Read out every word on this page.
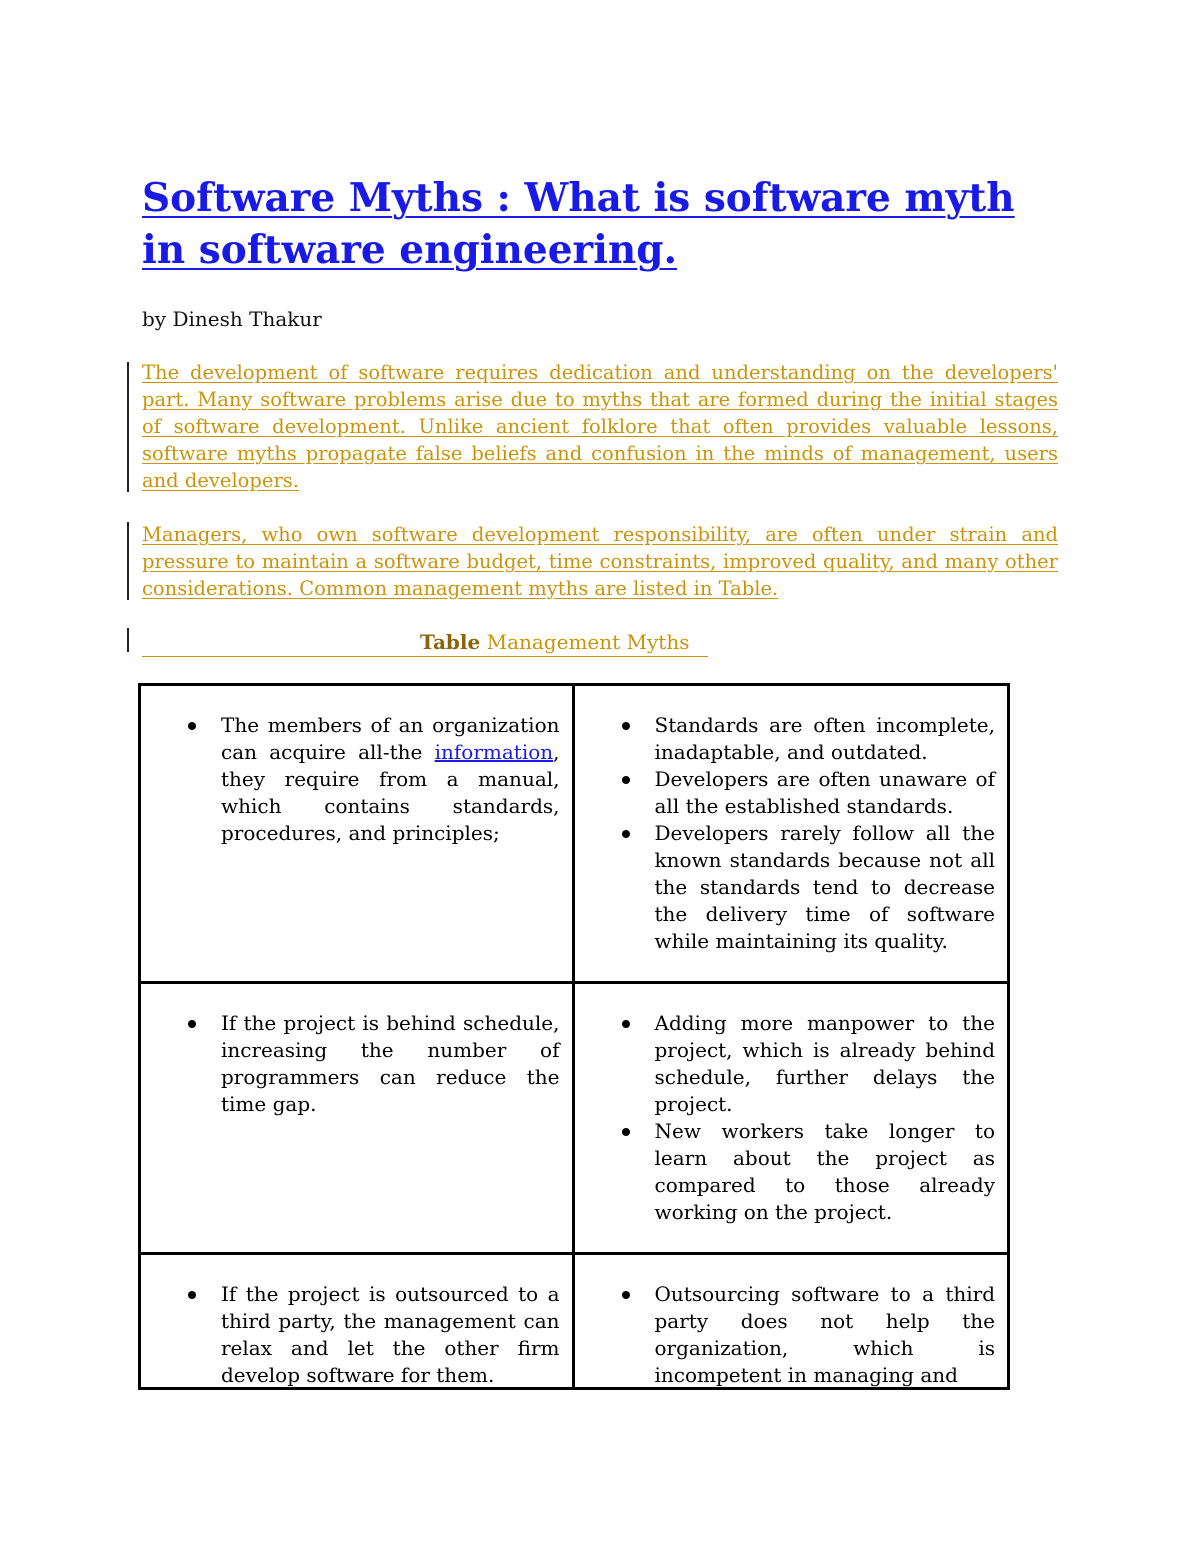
Software Myths : What is software myth in software engineering.
by Dinesh Thakur

The development of software requires dedication and understanding on the developers' part. Many software problems arise due to myths that are formed during the initial stages of software development. Unlike ancient folklore that often provides valuable lessons, software myths propagate false beliefs and confusion in the minds of management, users and developers.

Managers, who own software development responsibility, are often under strain and pressure to maintain a software budget, time constraints, improved quality, and many other considerations. Common management myths are listed in Table.

Table Management Myths
The members of an organization can acquire all-the information, they require from a manual, which contains standards, procedures, and principles;
Standards are often incomplete, inadaptable, and outdated.
Developers are often unaware of all the established standards.
Developers rarely follow all the known standards because not all the standards tend to decrease the delivery time of software while maintaining its quality.
If the project is behind schedule, increasing the number of programmers can reduce the time gap.
Adding more manpower to the project, which is already behind schedule, further delays the project.
New workers take longer to learn about the project as compared to those already working on the project.
If the project is outsourced to a third party, the management can relax and let the other firm develop software for them.
Outsourcing software to a third party does not help the organization, which is incompetent in managing and
